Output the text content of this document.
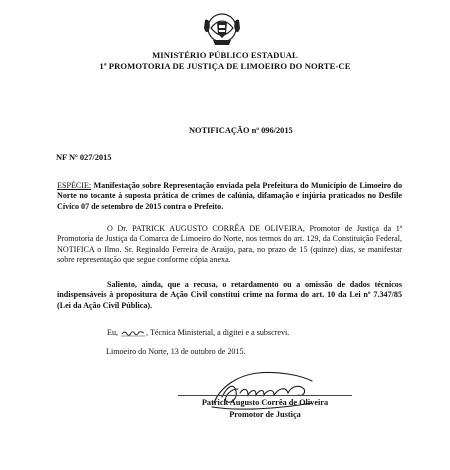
MINISTÉRIO PÚBLICO ESTADUAL
1ª PROMOTORIA DE JUSTIÇA DE LIMOEIRO DO NORTE-CE
NOTIFICAÇÃO nº 096/2015
NF Nº 027/2015
ESPÉCIE: Manifestação sobre Representação enviada pela Prefeitura do Município de Limoeiro do Norte no tocante à suposta prática de crimes de calúnia, difamação e injúria praticados no Desfile Cívico 07 de setembro de 2015 contra o Prefeito.
O Dr. PATRICK AUGUSTO CORRÊA DE OLIVEIRA, Promotor de Justiça da 1ª Promotoria de Justiça da Comarca de Limoeiro do Norte, nos termos do art. 129, da Constituição Federal, NOTIFICA o Ilmo. Sr. Reginaldo Ferreira de Araújo, para, no prazo de 15 (quinze) dias, se manifestar sobre representação que segue conforme cópia anexa.
Saliento, ainda, que a recusa, o retardamento ou a omissão de dados técnicos indispensáveis à propositura de Ação Civil constitui crime na forma do art. 10 da Lei nº 7.347/85 (Lei da Ação Civil Pública).
Eu,	, Técnica Ministerial, a digitei e a subscrevi.
Limoeiro do Norte, 13 de outubro de 2015.
Patrick Augusto Corrêa de Oliveira
Promotor de Justiça
